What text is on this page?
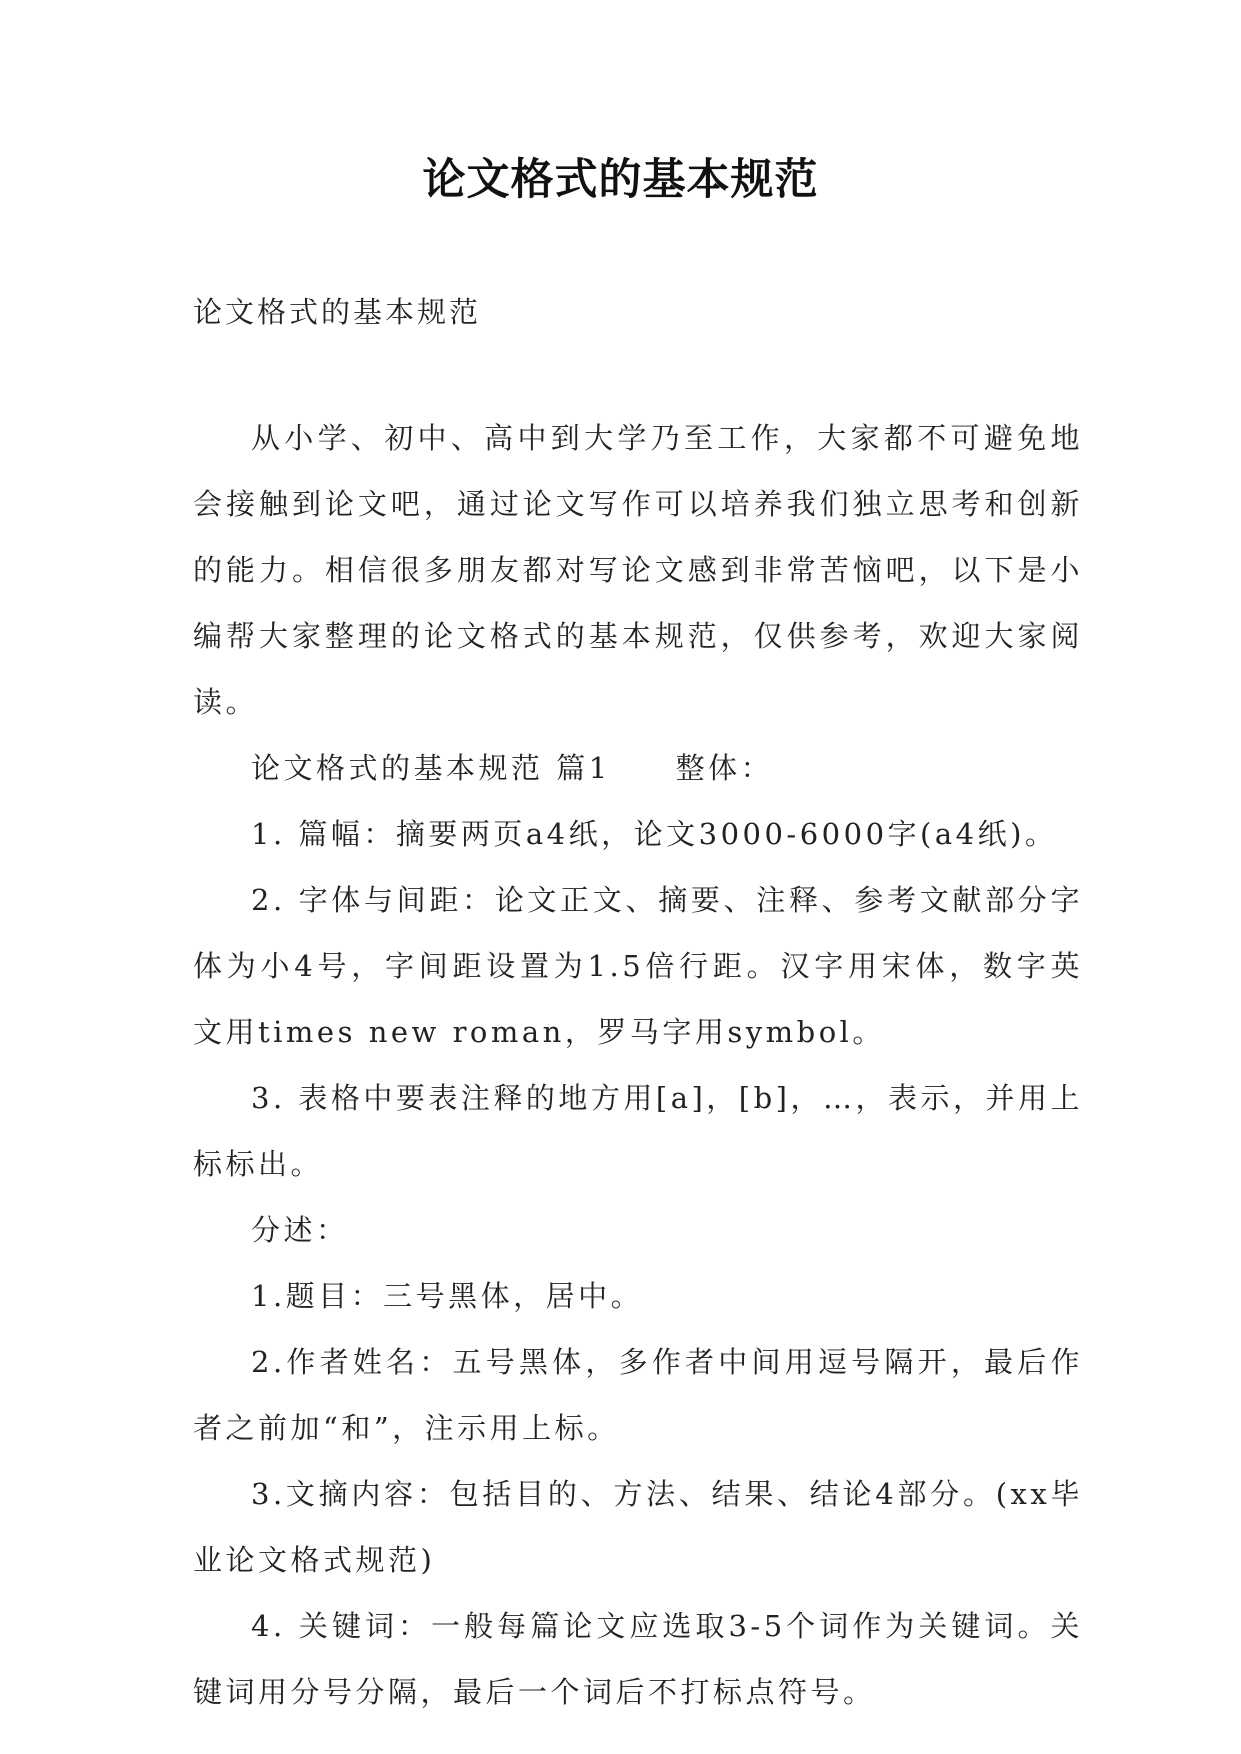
论文格式的基本规范
论文格式的基本规范

从小学、初中、高中到大学乃至工作，大家都不可避免地会接触到论文吧，通过论文写作可以培养我们独立思考和创新的能力。相信很多朋友都对写论文感到非常苦恼吧，以下是小编帮大家整理的论文格式的基本规范，仅供参考，欢迎大家阅读。

论文格式的基本规范 篇1　　整体：

1. 篇幅：摘要两页a4纸，论文3000-6000字(a4纸)。

2. 字体与间距：论文正文、摘要、注释、参考文献部分字体为小4号，字间距设置为1.5倍行距。汉字用宋体，数字英文用times new roman，罗马字用symbol。

3. 表格中要表注释的地方用[a]，[b]，…，表示，并用上标标出。

分述：

1.题目：三号黑体，居中。

2.作者姓名：五号黑体，多作者中间用逗号隔开，最后作者之前加“和”，注示用上标。

3.文摘内容：包括目的、方法、结果、结论4部分。(xx毕业论文格式规范)

4. 关键词：一般每篇论文应选取3-5个词作为关键词。关键词用分号分隔，最后一个词后不打标点符号。
